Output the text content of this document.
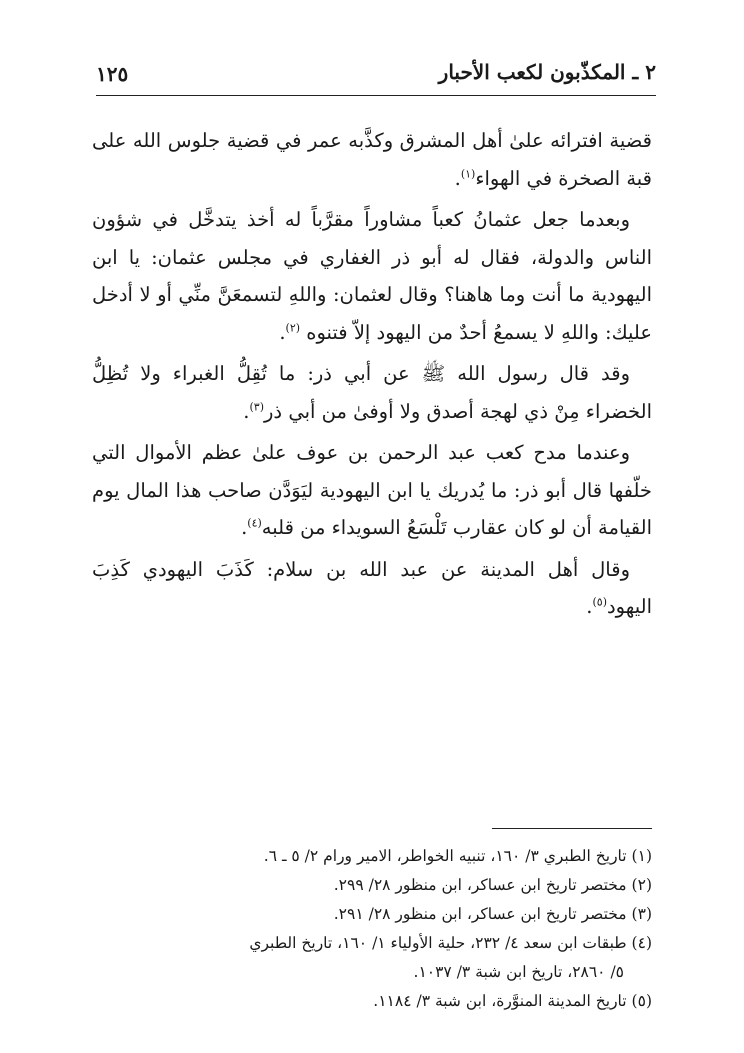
٢ ـ المكذّبون لكعب الأحبار
١٢٥

قضية افترائه علىٰ أهل المشرق وكذَّبه عمر في قضية جلوس الله على قبة الصخرة في الهواء$^{(١)}$.

وبعدما جعل عثمانُ كعباً مشاوراً مقرَّباً له أخذ يتدخَّل في شؤون الناس والدولة، فقال له أبو ذر الغفاري في مجلس عثمان: يا ابن اليهودية ما أنت وما هاهنا؟ وقال لعثمان: واللهِ لتسمعَنَّ منِّي أو لا أدخل عليك: واللهِ لا يسمعُ أحدٌ من اليهود إلاّ فتنوه $^{(٢)}$.

وقد قال رسول الله ﷺ عن أبي ذر: ما تُقِلُّ الغبراء ولا تُظِلُّ الخضراء مِنْ ذي لهجة أصدق ولا أوفىٰ من أبي ذر$^{(٣)}$.

وعندما مدح كعب عبد الرحمن بن عوف علىٰ عظم الأموال التي خلّفها قال أبو ذر: ما يُدريك يا ابن اليهودية ليَوَدَّن صاحب هذا المال يوم القيامة أن لو كان عقارب تَلْسَعُ السويداء من قلبه$^{(٤)}$.

وقال أهل المدينة عن عبد الله بن سلام: كَذَبَ اليهودي كَذِبَ اليهود$^{(٥)}$.

(١) تاريخ الطبري ٣/ ١٦٠، تنبيه الخواطر، الامير ورام ٢/ ٥ ـ ٦.

(٢) مختصر تاريخ ابن عساكر، ابن منظور ٢٨/ ٢٩٩.

(٣) مختصر تاريخ ابن عساكر، ابن منظور ٢٨/ ٢٩١.

(٤) طبقات ابن سعد ٤/ ٢٣٢، حلية الأولياء ١/ ١٦٠، تاريخ الطبري
٥/ ٢٨٦٠، تاريخ ابن شبة ٣/ ١٠٣٧.

(٥) تاريخ المدينة المنوَّرة، ابن شبة ٣/ ١١٨٤.
